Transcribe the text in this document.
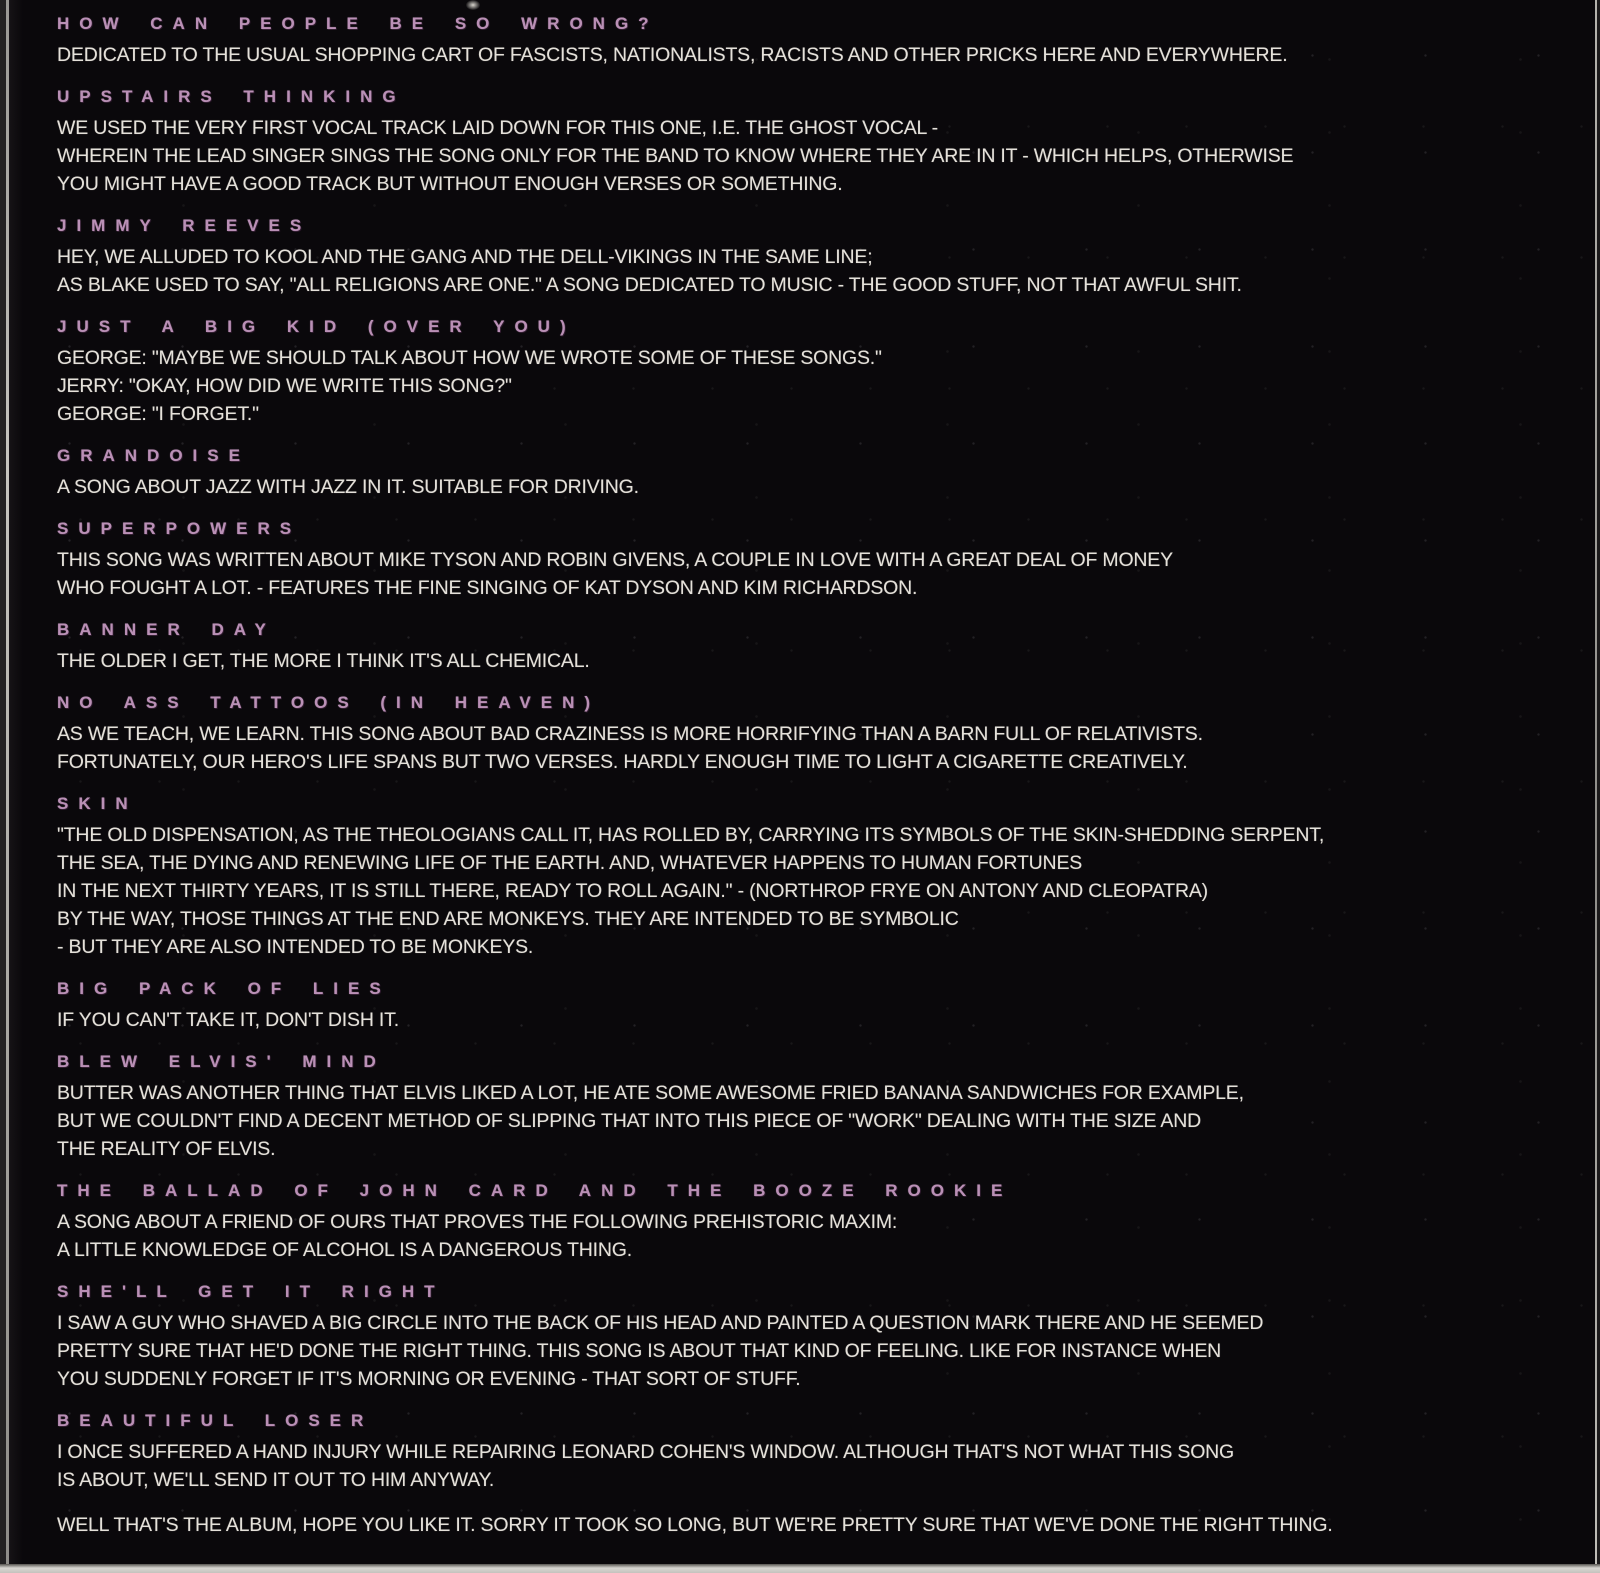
HOW CAN PEOPLE BE SO WRONG?

DEDICATED TO THE USUAL SHOPPING CART OF FASCISTS, NATIONALISTS, RACISTS AND OTHER PRICKS HERE AND EVERYWHERE.

UPSTAIRS THINKING

WE USED THE VERY FIRST VOCAL TRACK LAID DOWN FOR THIS ONE, I.E. THE GHOST VOCAL -

WHEREIN THE LEAD SINGER SINGS THE SONG ONLY FOR THE BAND TO KNOW WHERE THEY ARE IN IT - WHICH HELPS, OTHERWISE

YOU MIGHT HAVE A GOOD TRACK BUT WITHOUT ENOUGH VERSES OR SOMETHING.

JIMMY REEVES

HEY, WE ALLUDED TO KOOL AND THE GANG AND THE DELL-VIKINGS IN THE SAME LINE;

AS BLAKE USED TO SAY, "ALL RELIGIONS ARE ONE." A SONG DEDICATED TO MUSIC - THE GOOD STUFF, NOT THAT AWFUL SHIT.

JUST A BIG KID (OVER YOU)

GEORGE: "MAYBE WE SHOULD TALK ABOUT HOW WE WROTE SOME OF THESE SONGS."

JERRY: "OKAY, HOW DID WE WRITE THIS SONG?"

GEORGE: "I FORGET."

GRANDOISE

A SONG ABOUT JAZZ WITH JAZZ IN IT. SUITABLE FOR DRIVING.

SUPERPOWERS

THIS SONG WAS WRITTEN ABOUT MIKE TYSON AND ROBIN GIVENS, A COUPLE IN LOVE WITH A GREAT DEAL OF MONEY

WHO FOUGHT A LOT. - FEATURES THE FINE SINGING OF KAT DYSON AND KIM RICHARDSON.

BANNER DAY

THE OLDER I GET, THE MORE I THINK IT'S ALL CHEMICAL.

NO ASS TATTOOS (IN HEAVEN)

AS WE TEACH, WE LEARN. THIS SONG ABOUT BAD CRAZINESS IS MORE HORRIFYING THAN A BARN FULL OF RELATIVISTS.

FORTUNATELY, OUR HERO'S LIFE SPANS BUT TWO VERSES. HARDLY ENOUGH TIME TO LIGHT A CIGARETTE CREATIVELY.

SKIN

"THE OLD DISPENSATION, AS THE THEOLOGIANS CALL IT, HAS ROLLED BY, CARRYING ITS SYMBOLS OF THE SKIN-SHEDDING SERPENT,

THE SEA, THE DYING AND RENEWING LIFE OF THE EARTH. AND, WHATEVER HAPPENS TO HUMAN FORTUNES

IN THE NEXT THIRTY YEARS, IT IS STILL THERE, READY TO ROLL AGAIN." - (NORTHROP FRYE ON ANTONY AND CLEOPATRA)

BY THE WAY, THOSE THINGS AT THE END ARE MONKEYS. THEY ARE INTENDED TO BE SYMBOLIC

- BUT THEY ARE ALSO INTENDED TO BE MONKEYS.

BIG PACK OF LIES

IF YOU CAN'T TAKE IT, DON'T DISH IT.

BLEW ELVIS' MIND

BUTTER WAS ANOTHER THING THAT ELVIS LIKED A LOT, HE ATE SOME AWESOME FRIED BANANA SANDWICHES FOR EXAMPLE,

BUT WE COULDN'T FIND A DECENT METHOD OF SLIPPING THAT INTO THIS PIECE OF "WORK" DEALING WITH THE SIZE AND

THE REALITY OF ELVIS.

THE BALLAD OF JOHN CARD AND THE BOOZE ROOKIE

A SONG ABOUT A FRIEND OF OURS THAT PROVES THE FOLLOWING PREHISTORIC MAXIM:

A LITTLE KNOWLEDGE OF ALCOHOL IS A DANGEROUS THING.

SHE'LL GET IT RIGHT

I SAW A GUY WHO SHAVED A BIG CIRCLE INTO THE BACK OF HIS HEAD AND PAINTED A QUESTION MARK THERE AND HE SEEMED

PRETTY SURE THAT HE'D DONE THE RIGHT THING. THIS SONG IS ABOUT THAT KIND OF FEELING. LIKE FOR INSTANCE WHEN

YOU SUDDENLY FORGET IF IT'S MORNING OR EVENING - THAT SORT OF STUFF.

BEAUTIFUL LOSER

I ONCE SUFFERED A HAND INJURY WHILE REPAIRING LEONARD COHEN'S WINDOW. ALTHOUGH THAT'S NOT WHAT THIS SONG

IS ABOUT, WE'LL SEND IT OUT TO HIM ANYWAY.

WELL THAT'S THE ALBUM, HOPE YOU LIKE IT. SORRY IT TOOK SO LONG, BUT WE'RE PRETTY SURE THAT WE'VE DONE THE RIGHT THING.
